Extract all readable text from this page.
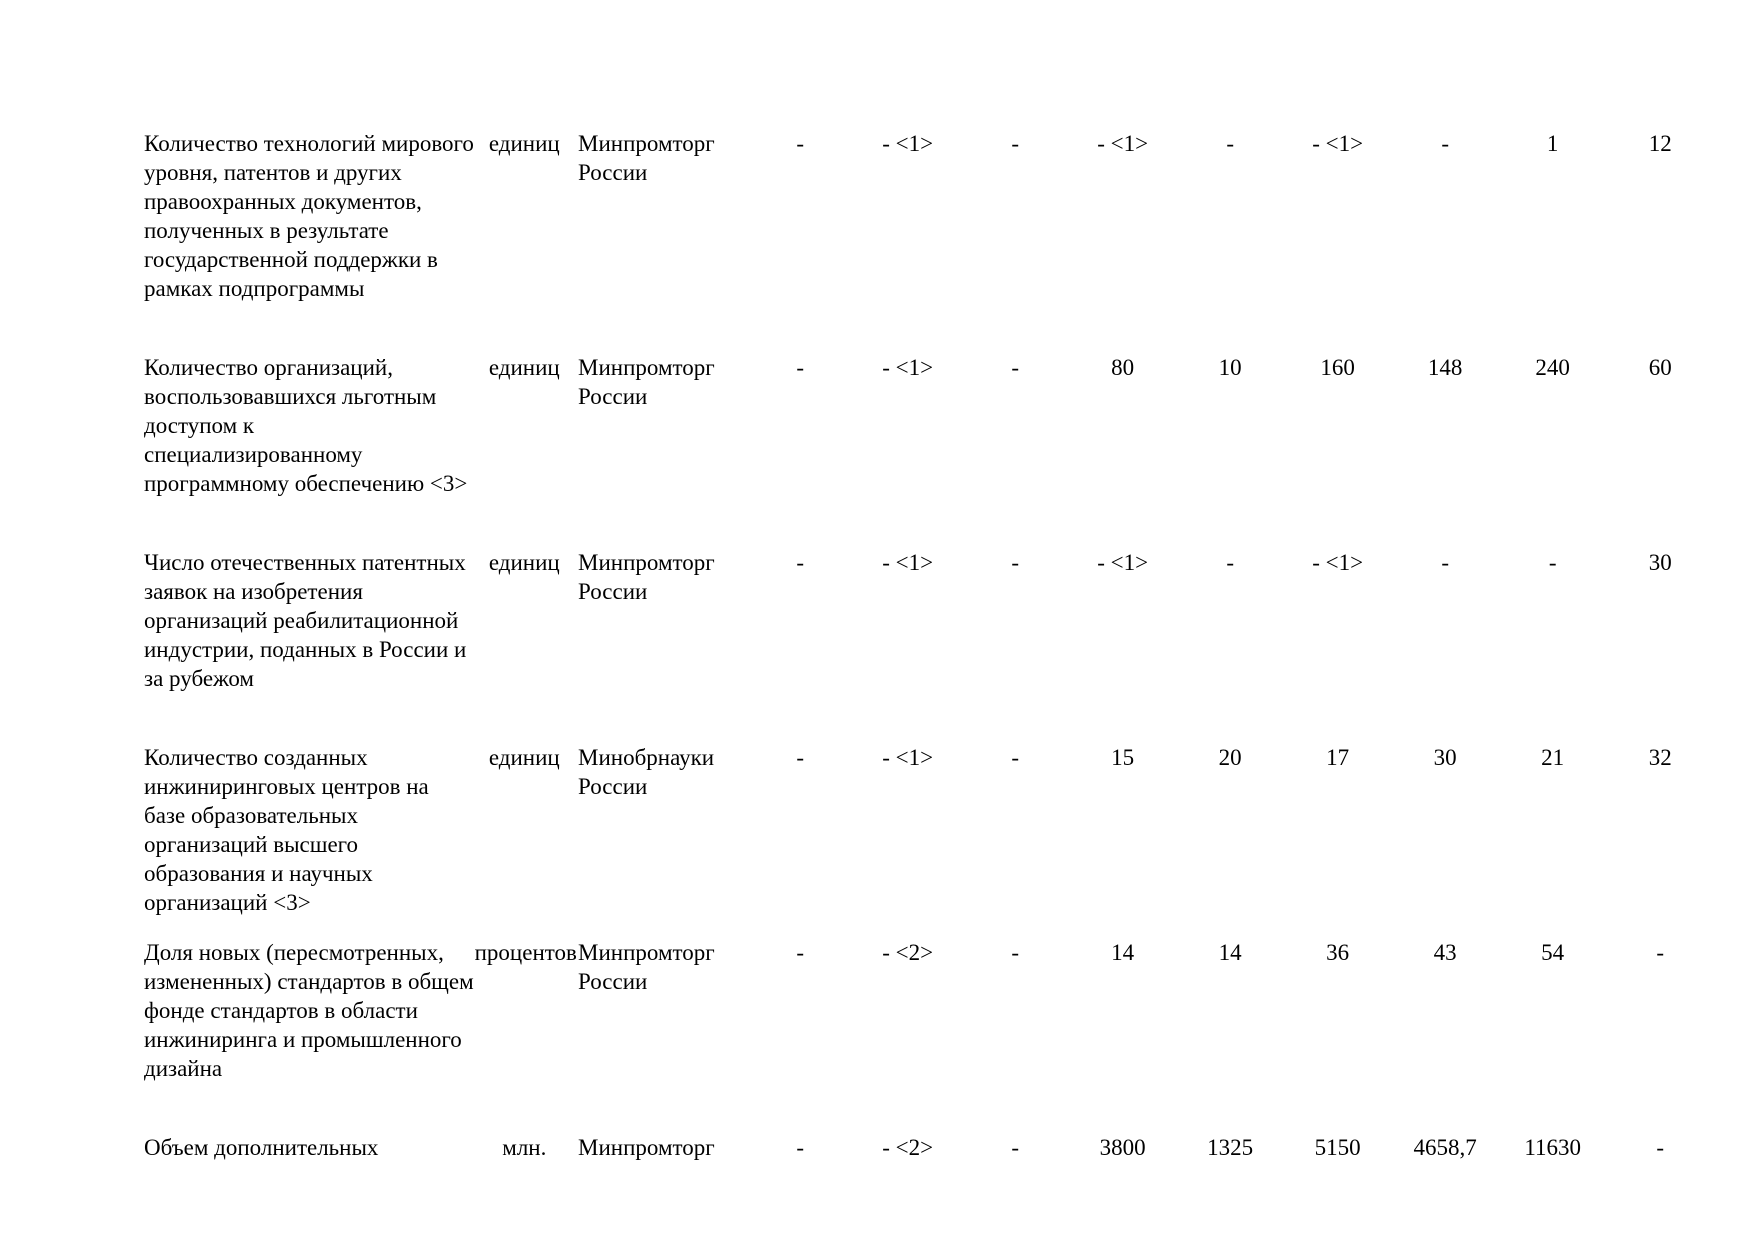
Количество технологий мирового уровня, патентов и других правоохранных документов, полученных в результате государственной поддержки в рамках подпрограммы	единиц	Минпромторг России	-	- <1>	-	- <1>	-	- <1>	-	1	12
Количество организаций, воспользовавшихся льготным доступом к специализированному программному обеспечению <3>	единиц	Минпромторг России	-	- <1>	-	80	10	160	148	240	60
Число отечественных патентных заявок на изобретения организаций реабилитационной индустрии, поданных в России и за рубежом	единиц	Минпромторг России	-	- <1>	-	- <1>	-	- <1>	-	-	30
Количество созданных инжиниринговых центров на базе образовательных организаций высшего образования и научных организаций <3>	единиц	Минобрнауки России	-	- <1>	-	15	20	17	30	21	32
Доля новых (пересмотренных, измененных) стандартов в общем фонде стандартов в области инжиниринга и промышленного дизайна	процентов	Минпромторг России	-	- <2>	-	14	14	36	43	54	-
Объем дополнительных	млн.	Минпромторг	-	- <2>	-	3800	1325	5150	4658,7	11630	-
